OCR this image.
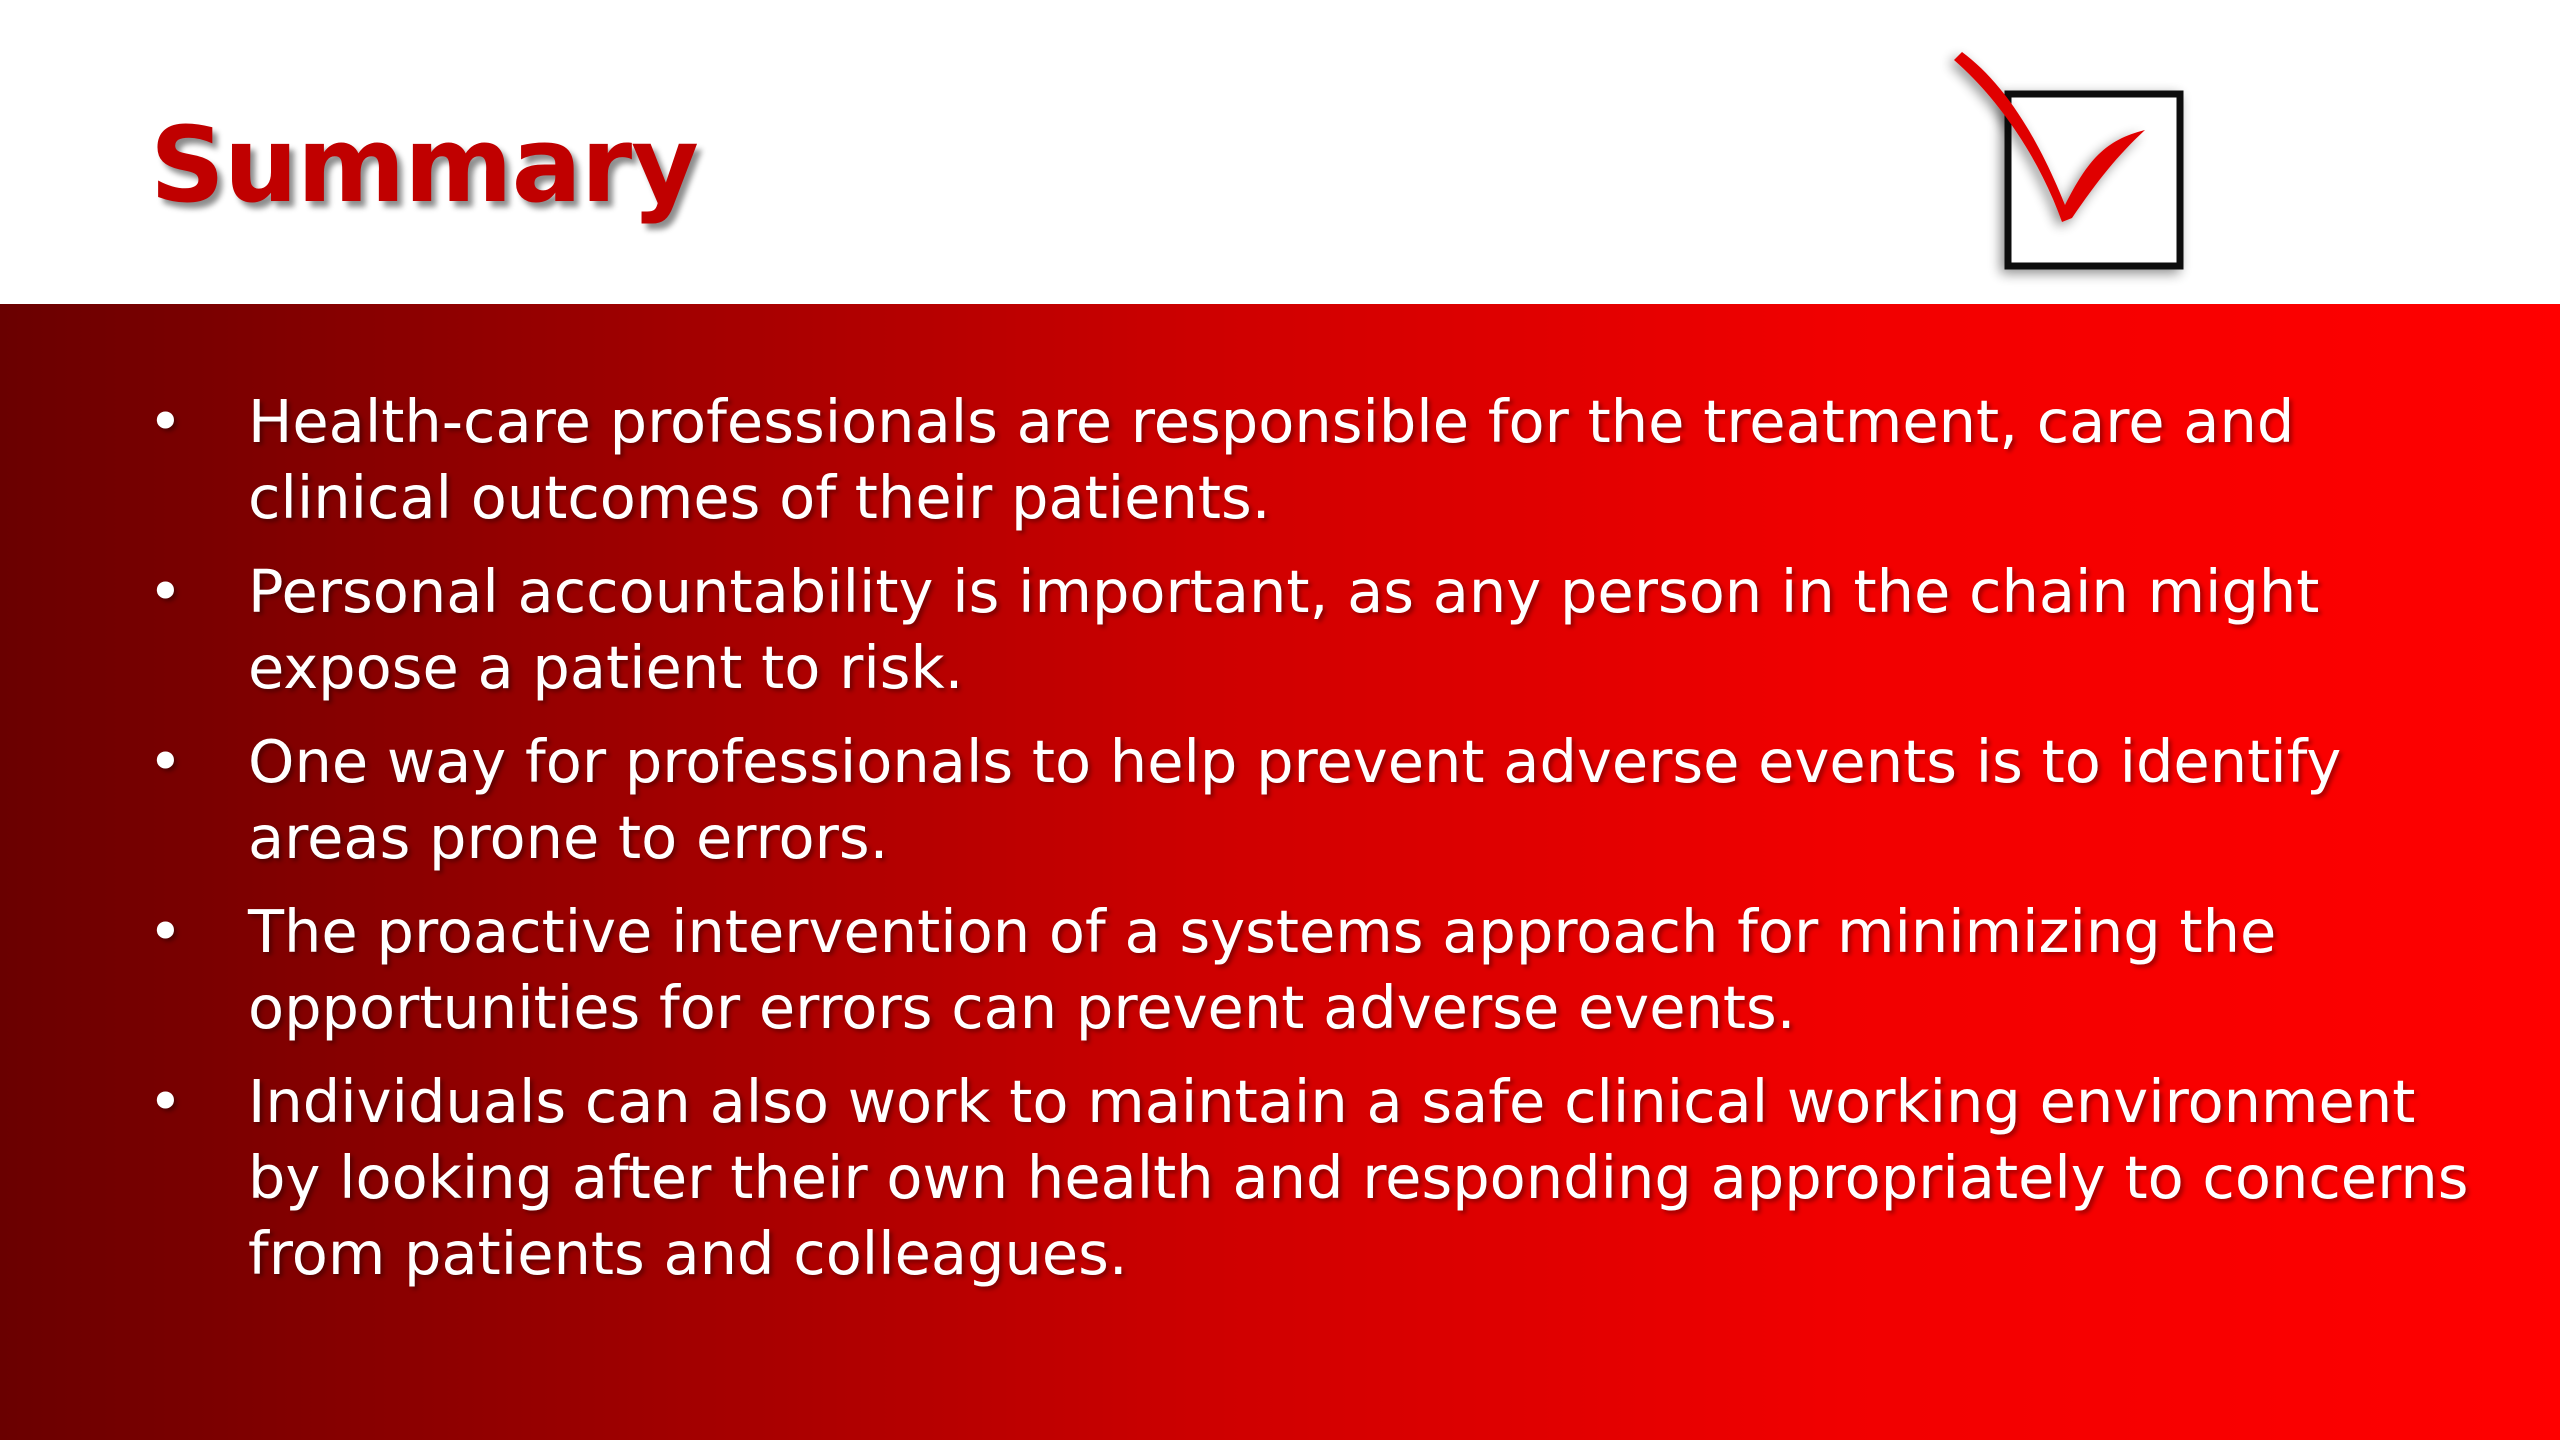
Summary
• Health-care professionals are responsible for the treatment, care and clinical outcomes of their patients.
• Personal accountability is important, as any person in the chain might expose a patient to risk.
• One way for professionals to help prevent adverse events is to identify areas prone to errors.
• The proactive intervention of a systems approach for minimizing the opportunities for errors can prevent adverse events.
• Individuals can also work to maintain a safe clinical working environment by looking after their own health and responding appropriately to concerns from patients and colleagues.
